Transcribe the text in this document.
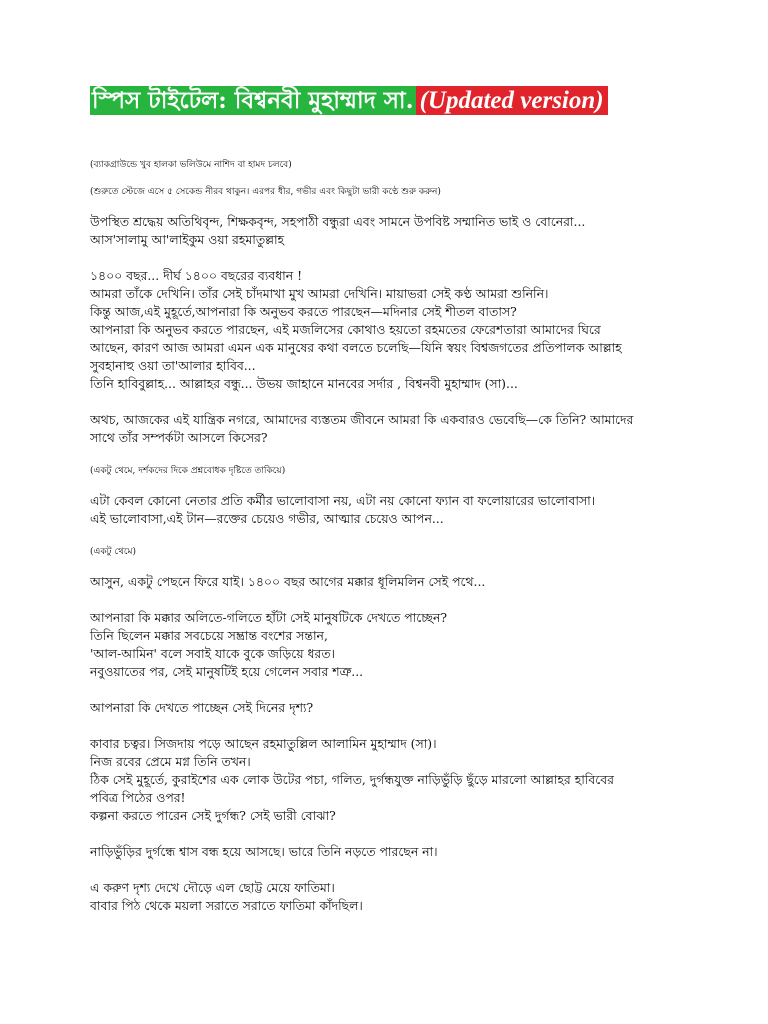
স্পিস টাইটেল: বিশ্বনবী মুহাম্মাদ সা. (Updated version)

(ব্যাকগ্রাউন্ডে খুব হালকা ভলিউমে নাশিদ বা হামদ চলবে)

(শুরুতে স্টেজে এসে ৫ সেকেন্ড নীরব থাকুন। এরপর ধীর, গভীর এবং কিছুটা ভারী কণ্ঠে শুরু করুন)

উপস্থিত শ্রদ্ধেয় অতিথিবৃন্দ, শিক্ষকবৃন্দ, সহপাঠী বন্ধুরা এবং সামনে উপবিষ্ট সম্মানিত ভাই ও বোনেরা...

আস'সালামু আ'লাইকুম ওয়া রহমাতুল্লাহ

১৪০০ বছর... দীর্ঘ ১৪০০ বছরের ব্যবধান !

আমরা তাঁকে দেখিনি। তাঁর সেই চাঁদমাখা মুখ আমরা দেখিনি। মায়াভরা সেই কণ্ঠ আমরা শুনিনি।

কিন্তু আজ,এই মুহূর্তে,আপনারা কি অনুভব করতে পারছেন—মদিনার সেই শীতল বাতাস?

আপনারা কি অনুভব করতে পারছেন, এই মজলিসের কোথাও হয়তো রহমতের ফেরেশতারা আমাদের ঘিরে

আছেন, কারণ আজ আমরা এমন এক মানুষের কথা বলতে চলেছি—যিনি স্বয়ং বিশ্বজগতের প্রতিপালক আল্লাহ

সুবহানাহু ওয়া তা'আলার হাবিব...

তিনি হাবিবুল্লাহ... আল্লাহর বন্ধু... উভয় জাহানে মানবের সর্দার , বিশ্বনবী মুহাম্মাদ (সা)...

অথচ, আজকের এই যান্ত্রিক নগরে, আমাদের ব্যস্ততম জীবনে আমরা কি একবারও ভেবেছি—কে তিনি? আমাদের

সাথে তাঁর সম্পর্কটা আসলে কিসের?

(একটু থেমে, দর্শকদের দিকে প্রশ্নবোধক দৃষ্টিতে তাকিয়ে)

এটা কেবল কোনো নেতার প্রতি কর্মীর ভালোবাসা নয়, এটা নয় কোনো ফ্যান বা ফলোয়ারের ভালোবাসা।

এই ভালোবাসা,এই টান—রক্তের চেয়েও গভীর, আত্মার চেয়েও আপন...

(একটু থেমে)

আসুন, একটু পেছনে ফিরে যাই। ১৪০০ বছর আগের মক্কার ধূলিমলিন সেই পথে...

আপনারা কি মক্কার অলিতে-গলিতে হাঁটা সেই মানুষটিকে দেখতে পাচ্ছেন?

তিনি ছিলেন মক্কার সবচেয়ে সম্ভ্রান্ত বংশের সন্তান,

'আল-আমিন' বলে সবাই যাকে বুকে জড়িয়ে ধরত।

নবুওয়াতের পর, সেই মানুষটিই হয়ে গেলেন সবার শত্রু...

আপনারা কি দেখতে পাচ্ছেন সেই দিনের দৃশ্য?

কাবার চত্বর। সিজদায় পড়ে আছেন রহমাতুল্লিল আলামিন মুহাম্মাদ (সা)।

নিজ রবের প্রেমে মগ্ন তিনি তখন।

ঠিক সেই মুহূর্তে, কুরাইশের এক লোক উটের পচা, গলিত, দুর্গন্ধযুক্ত নাড়িভুঁড়ি ছুঁড়ে মারলো আল্লাহর হাবিবের

পবিত্র পিঠের ওপর!

কল্পনা করতে পারেন সেই দুর্গন্ধ? সেই ভারী বোঝা?

নাড়িভুঁড়ির দুর্গন্ধে শ্বাস বন্ধ হয়ে আসছে। ভারে তিনি নড়তে পারছেন না।

এ করুণ দৃশ্য দেখে দৌড়ে এল ছোট্ট মেয়ে ফাতিমা।

বাবার পিঠ থেকে ময়লা সরাতে সরাতে ফাতিমা কাঁদছিল।
